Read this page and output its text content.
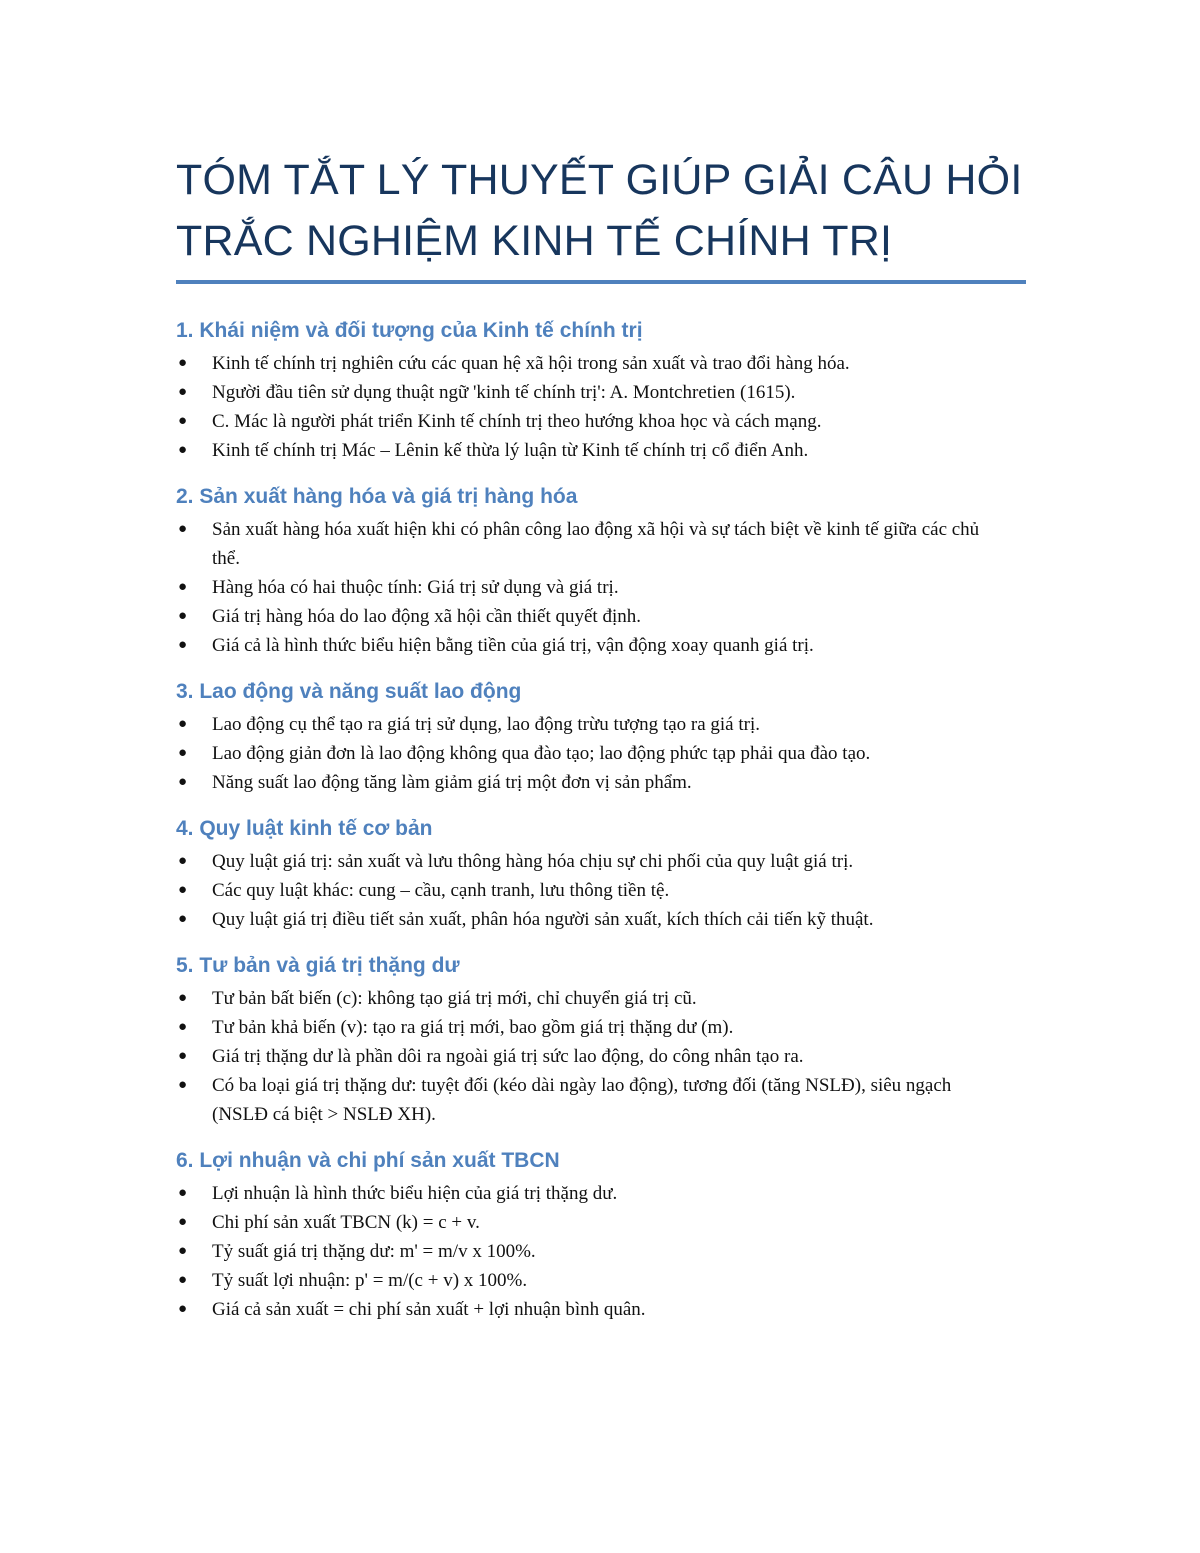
TÓM TẮT LÝ THUYẾT GIÚP GIẢI CÂU HỎI TRẮC NGHIỆM KINH TẾ CHÍNH TRỊ
1. Khái niệm và đối tượng của Kinh tế chính trị
● Kinh tế chính trị nghiên cứu các quan hệ xã hội trong sản xuất và trao đổi hàng hóa.
● Người đầu tiên sử dụng thuật ngữ 'kinh tế chính trị': A. Montchretien (1615).
● C. Mác là người phát triển Kinh tế chính trị theo hướng khoa học và cách mạng.
● Kinh tế chính trị Mác – Lênin kế thừa lý luận từ Kinh tế chính trị cổ điển Anh.
2. Sản xuất hàng hóa và giá trị hàng hóa
● Sản xuất hàng hóa xuất hiện khi có phân công lao động xã hội và sự tách biệt về kinh tế giữa các chủ thể.
● Hàng hóa có hai thuộc tính: Giá trị sử dụng và giá trị.
● Giá trị hàng hóa do lao động xã hội cần thiết quyết định.
● Giá cả là hình thức biểu hiện bằng tiền của giá trị, vận động xoay quanh giá trị.
3. Lao động và năng suất lao động
● Lao động cụ thể tạo ra giá trị sử dụng, lao động trừu tượng tạo ra giá trị.
● Lao động giản đơn là lao động không qua đào tạo; lao động phức tạp phải qua đào tạo.
● Năng suất lao động tăng làm giảm giá trị một đơn vị sản phẩm.
4. Quy luật kinh tế cơ bản
● Quy luật giá trị: sản xuất và lưu thông hàng hóa chịu sự chi phối của quy luật giá trị.
● Các quy luật khác: cung – cầu, cạnh tranh, lưu thông tiền tệ.
● Quy luật giá trị điều tiết sản xuất, phân hóa người sản xuất, kích thích cải tiến kỹ thuật.
5. Tư bản và giá trị thặng dư
● Tư bản bất biến (c): không tạo giá trị mới, chỉ chuyển giá trị cũ.
● Tư bản khả biến (v): tạo ra giá trị mới, bao gồm giá trị thặng dư (m).
● Giá trị thặng dư là phần dôi ra ngoài giá trị sức lao động, do công nhân tạo ra.
● Có ba loại giá trị thặng dư: tuyệt đối (kéo dài ngày lao động), tương đối (tăng NSLĐ), siêu ngạch (NSLĐ cá biệt > NSLĐ XH).
6. Lợi nhuận và chi phí sản xuất TBCN
● Lợi nhuận là hình thức biểu hiện của giá trị thặng dư.
● Chi phí sản xuất TBCN (k) = c + v.
● Tỷ suất giá trị thặng dư: m' = m/v x 100%.
● Tỷ suất lợi nhuận: p' = m/(c + v) x 100%.
● Giá cả sản xuất = chi phí sản xuất + lợi nhuận bình quân.
